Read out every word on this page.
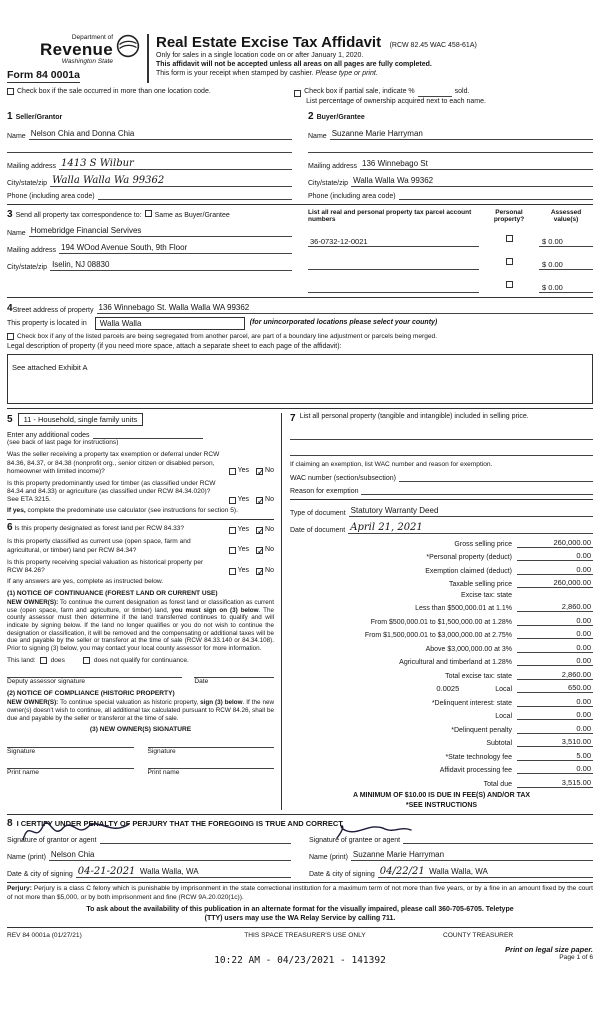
Department of
Revenue
Washington State
Form 84 0001a
Real Estate Excise Tax Affidavit (RCW 82.45 WAC 458-61A)
Only for sales in a single location code on or after January 1, 2020.
This affidavit will not be accepted unless all areas on all pages are fully completed.
This form is your receipt when stamped by cashier. Please type or print.
Check box if the sale occurred in more than one location code.	Check box if partial sale, indicate %	sold.
List percentage of ownership acquired next to each name.
1 Seller/Grantor
Name Nelson Chia and Donna Chia
Mailing address 1413 S Wilbur
City/state/zip Walla Walla Wa 99362
Phone (including area code)
2 Buyer/Grantee
Name Suzanne Marie Harryman
Mailing address 136 Winnebago St
City/state/zip Walla Walla Wa 99362
Phone (including area code)
3 Send all property tax correspondence to: Same as Buyer/Grantee
Name Homebridge Financial Servives
Mailing address 194 WOod Avenue South, 9th Floor
City/state/zip Iselin, NJ 08830
List all real and personal property tax parcel account numbers
Personal property?
Assessed value(s)
36-0732-12-0021	$ 0.00
$ 0.00
$ 0.00
4 Street address of property 136 Winnebago St. Walla Walla WA 99362
This property is located in	Walla Walla	(for unincorporated locations please select your county)
Check box if any of the listed parcels are being segregated from another parcel, are part of a boundary line adjustment or parcels being merged.
Legal description of property (if you need more space, attach a separate sheet to each page of the affidavit):
See attached Exhibit A
5	11 - Household, single family units
Enter any additional codes
(see back of last page for instructions)
Was the seller receiving a property tax exemption or deferral under RCW 84.36, 84.37, or 84.38 (nonprofit org., senior citizen or disabled person, homeowner with limited income)?	Yes ✓ No
Is this property predominantly used for timber (as classified under RCW 84.34 and 84.33) or agriculture (as classified under RCW 84.34.020)? See ETA 3215.	Yes ✓ No
If yes, complete the predominate use calculator (see instructions for section 5).
6 Is this property designated as forest land per RCW 84.33?	Yes ✓ No
Is this property classified as current use (open space, farm and agricultural, or timber) land per RCW 84.34?	Yes ✓ No
Is this property receiving special valuation as historical property per RCW 84.26?	Yes ✓ No
If any answers are yes, complete as instructed below.
(1) NOTICE OF CONTINUANCE (FOREST LAND OR CURRENT USE)
NEW OWNER(S): To continue the current designation as forest land or classification as current use (open space, farm and agriculture, or timber) land, you must sign on (3) below. The county assessor must then determine if the land transferred continues to qualify and will indicate by signing below. If the land no longer qualifies or you do not wish to continue the designation or classification, it will be removed and the compensating or additional taxes will be due and payable by the seller or transferor at the time of sale (RCW 84.33.140 or 84.34.108). Prior to signing (3) below, you may contact your local county assessor for more information.
This land: does	does not qualify for continuance.
Deputy assessor signature	Date
(2) NOTICE OF COMPLIANCE (HISTORIC PROPERTY)
NEW OWNER(S): To continue special valuation as historic property, sign (3) below. If the new owner(s) doesn't wish to continue, all additional tax calculated pursuant to RCW 84.26, shall be due and payable by the seller or transferor at the time of sale.
(3) NEW OWNER(S) SIGNATURE
Signature	Signature
Print name	Print name
7 List all personal property (tangible and intangible) included in selling price.
If claiming an exemption, list WAC number and reason for exemption.
WAC number (section/subsection)
Reason for exemption
Type of document Statutory Warranty Deed
Date of document April 21, 2021
Gross selling price	260,000.00
*Personal property (deduct)	0.00
Exemption claimed (deduct)	0.00
Taxable selling price	260,000.00
Excise tax: state
Less than $500,000.01 at 1.1%	2,860.00
From $500,000.01 to $1,500,000.00 at 1.28%	0.00
From $1,500,000.01 to $3,000,000.00 at 2.75%	0.00
Above $3,000,000.00 at 3%	0.00
Agricultural and timberland at 1.28%	0.00
Total excise tax: state	2,860.00
0.0025	Local	650.00
*Delinquent interest: state	0.00
Local	0.00
*Delinquent penalty	0.00
Subtotal	3,510.00
*State technology fee	5.00
Affidavit processing fee	0.00
Total due	3,515.00
A MINIMUM OF $10.00 IS DUE IN FEE(S) AND/OR TAX
*SEE INSTRUCTIONS
8 I CERTIFY UNDER PENALTY OF PERJURY THAT THE FOREGOING IS TRUE AND CORRECT
Signature of grantor or agent
Name (print) Nelson Chia
Date & city of signing 04-21-2021 Walla Walla, WA
Signature of grantee or agent
Name (print) Suzanne Marie Harryman
Date & city of signing 04/22/21 Walla Walla, WA
Perjury: Perjury is a class C felony which is punishable by imprisonment in the state correctional institution for a maximum term of not more than five years, or by a fine in an amount fixed by the court of not more than $5,000, or by both imprisonment and fine (RCW 9A.20.020(1c)).
To ask about the availability of this publication in an alternate format for the visually impaired, please call 360-705-6705. Teletype
(TTY) users may use the WA Relay Service by calling 711.
REV 84 0001a (01/27/21)	THIS SPACE TREASURER'S USE ONLY	COUNTY TREASURER
10:22 AM - 04/23/2021 - 141392
Print on legal size paper.
Page 1 of 6
